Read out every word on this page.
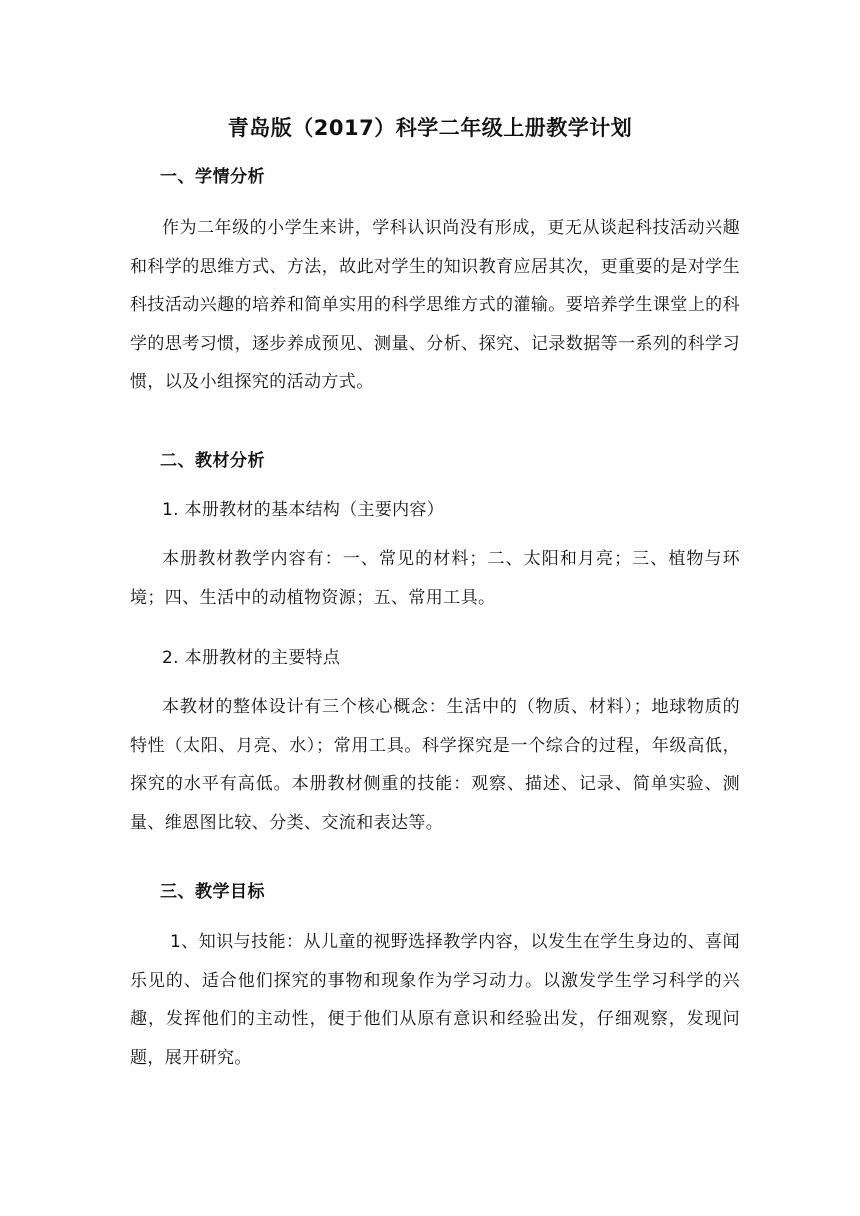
青岛版（2017）科学二年级上册教学计划
一、学情分析
作为二年级的小学生来讲，学科认识尚没有形成，更无从谈起科技活动兴趣和科学的思维方式、方法，故此对学生的知识教育应居其次，更重要的是对学生科技活动兴趣的培养和简单实用的科学思维方式的灌输。要培养学生课堂上的科学的思考习惯，逐步养成预见、测量、分析、探究、记录数据等一系列的科学习惯，以及小组探究的活动方式。
二、教材分析
1. 本册教材的基本结构（主要内容）
本册教材教学内容有：一、常见的材料；二、太阳和月亮；三、植物与环境；四、生活中的动植物资源；五、常用工具。
2. 本册教材的主要特点
本教材的整体设计有三个核心概念：生活中的（物质、材料）；地球物质的特性（太阳、月亮、水）；常用工具。科学探究是一个综合的过程，年级高低，探究的水平有高低。本册教材侧重的技能：观察、描述、记录、简单实验、测量、维恩图比较、分类、交流和表达等。
三、教学目标
1、知识与技能：从儿童的视野选择教学内容，以发生在学生身边的、喜闻乐见的、适合他们探究的事物和现象作为学习动力。以激发学生学习科学的兴趣，发挥他们的主动性，便于他们从原有意识和经验出发，仔细观察，发现问题，展开研究。
